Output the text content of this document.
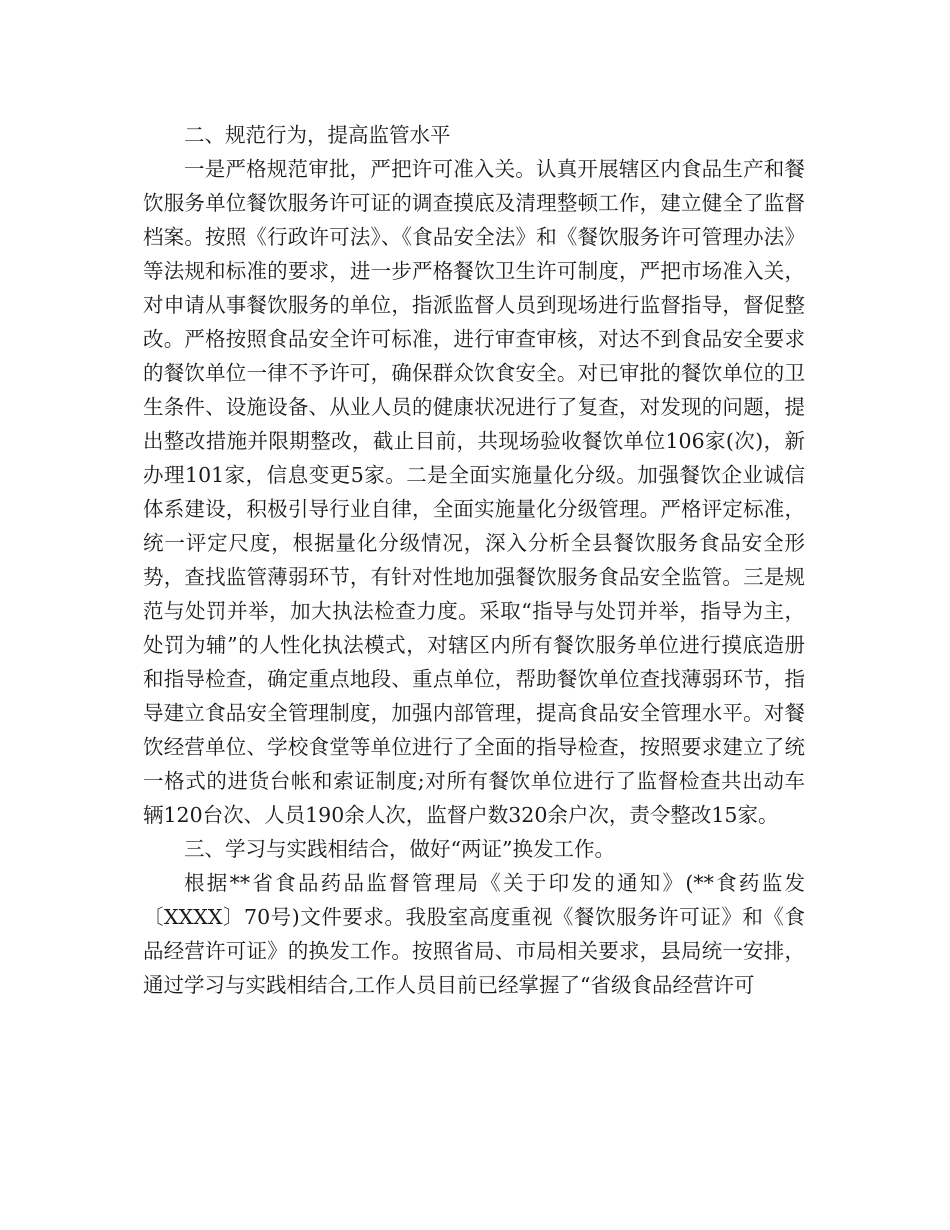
二、规范行为，提高监管水平

一是严格规范审批，严把许可准入关。认真开展辖区内食品生产和餐饮服务单位餐饮服务许可证的调查摸底及清理整顿工作，建立健全了监督档案。按照《行政许可法》、《食品安全法》和《餐饮服务许可管理办法》等法规和标准的要求，进一步严格餐饮卫生许可制度，严把市场准入关，对申请从事餐饮服务的单位，指派监督人员到现场进行监督指导，督促整改。严格按照食品安全许可标准，进行审查审核，对达不到食品安全要求的餐饮单位一律不予许可，确保群众饮食安全。对已审批的餐饮单位的卫生条件、设施设备、从业人员的健康状况进行了复查，对发现的问题，提出整改措施并限期整改，截止目前，共现场验收餐饮单位106家(次)，新办理101家，信息变更5家。二是全面实施量化分级。加强餐饮企业诚信体系建设，积极引导行业自律，全面实施量化分级管理。严格评定标准，统一评定尺度，根据量化分级情况，深入分析全县餐饮服务食品安全形势，查找监管薄弱环节，有针对性地加强餐饮服务食品安全监管。三是规范与处罚并举，加大执法检查力度。采取“指导与处罚并举，指导为主，处罚为辅”的人性化执法模式，对辖区内所有餐饮服务单位进行摸底造册和指导检查，确定重点地段、重点单位，帮助餐饮单位查找薄弱环节，指导建立食品安全管理制度，加强内部管理，提高食品安全管理水平。对餐饮经营单位、学校食堂等单位进行了全面的指导检查，按照要求建立了统一格式的进货台帐和索证制度;对所有餐饮单位进行了监督检查共出动车辆120台次、人员190余人次，监督户数320余户次，责令整改15家。

三、学习与实践相结合，做好“两证”换发工作。

根据**省食品药品监督管理局《关于印发的通知》(**食药监发〔XXXX〕70号)文件要求。我股室高度重视《餐饮服务许可证》和《食品经营许可证》的换发工作。按照省局、市局相关要求，县局统一安排，通过学习与实践相结合,工作人员目前已经掌握了“省级食品经营许可
